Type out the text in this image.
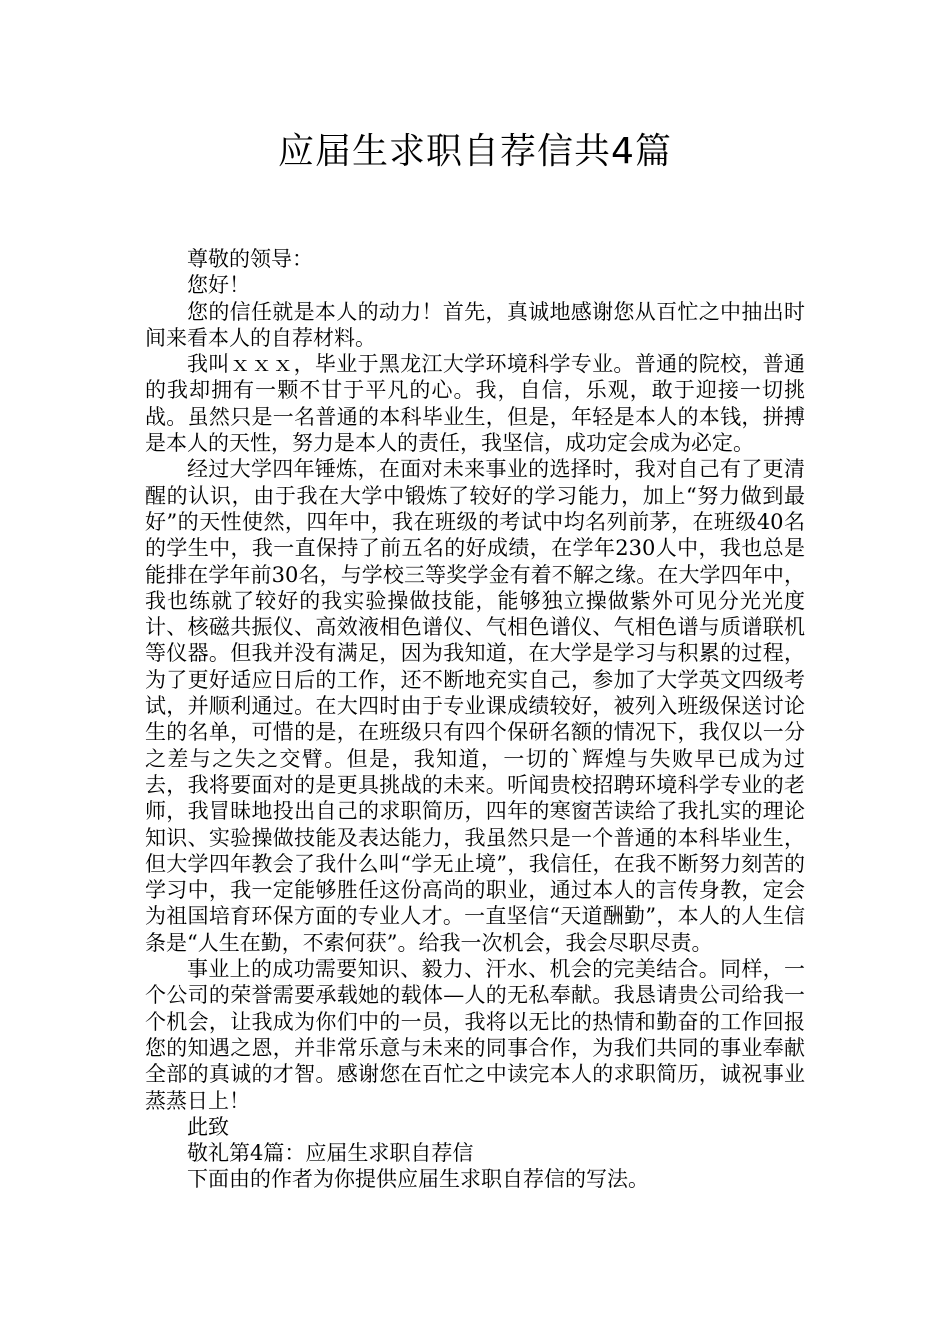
应届生求职自荐信共4篇

尊敬的领导：

您好！

您的信任就是本人的动力！首先，真诚地感谢您从百忙之中抽出时间来看本人的自荐材料。

我叫ｘｘｘ，毕业于黑龙江大学环境科学专业。普通的院校，普通的我却拥有一颗不甘于平凡的心。我，自信，乐观，敢于迎接一切挑战。虽然只是一名普通的本科毕业生，但是，年轻是本人的本钱，拼搏是本人的天性，努力是本人的责任，我坚信，成功定会成为必定。

经过大学四年锤炼，在面对未来事业的选择时，我对自己有了更清醒的认识，由于我在大学中锻炼了较好的学习能力，加上“努力做到最好”的天性使然，四年中，我在班级的考试中均名列前茅，在班级40名的学生中，我一直保持了前五名的好成绩，在学年230人中，我也总是能排在学年前30名，与学校三等奖学金有着不解之缘。在大学四年中，我也练就了较好的我实验操做技能，能够独立操做紫外可见分光光度计、核磁共振仪、高效液相色谱仪、气相色谱仪、气相色谱与质谱联机等仪器。但我并没有满足，因为我知道，在大学是学习与积累的过程，为了更好适应日后的工作，还不断地充实自己，参加了大学英文四级考试，并顺利通过。在大四时由于专业课成绩较好，被列入班级保送讨论生的名单，可惜的是，在班级只有四个保研名额的情况下，我仅以一分之差与之失之交臂。但是，我知道，一切的`辉煌与失败早已成为过去，我将要面对的是更具挑战的未来。听闻贵校招聘环境科学专业的老师，我冒昧地投出自己的求职简历，四年的寒窗苦读给了我扎实的理论知识、实验操做技能及表达能力，我虽然只是一个普通的本科毕业生，但大学四年教会了我什么叫“学无止境”，我信任，在我不断努力刻苦的学习中，我一定能够胜任这份高尚的职业，通过本人的言传身教，定会为祖国培育环保方面的专业人才。一直坚信“天道酬勤”，本人的人生信条是“人生在勤，不索何获”。给我一次机会，我会尽职尽责。

事业上的成功需要知识、毅力、汗水、机会的完美结合。同样，一个公司的荣誉需要承载她的载体—人的无私奉献。我恳请贵公司给我一个机会，让我成为你们中的一员，我将以无比的热情和勤奋的工作回报您的知遇之恩，并非常乐意与未来的同事合作，为我们共同的事业奉献全部的真诚的才智。感谢您在百忙之中读完本人的求职简历，诚祝事业蒸蒸日上！

此致

敬礼第4篇：应届生求职自荐信

下面由的作者为你提供应届生求职自荐信的写法。
